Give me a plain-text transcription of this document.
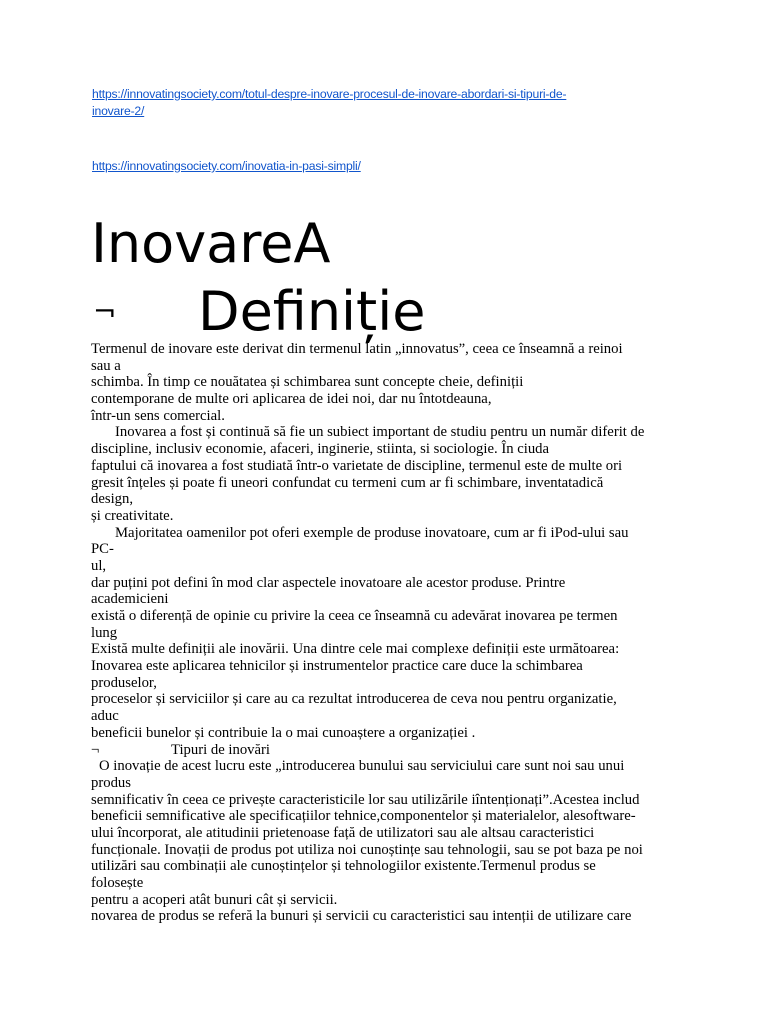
https://innovatingsociety.com/totul-despre-inovare-procesul-de-inovare-abordari-si-tipuri-de-
inovare-2/
https://innovatingsociety.com/inovatia-in-pasi-simpli/
InovareA
¬ Definiție
Termenul de inovare este derivat din termenul latin „innovatus”, ceea ce înseamnă a reinoi
sau a
schimba. În timp ce nouătatea și schimbarea sunt concepte cheie, definiții
contemporane de multe ori aplicarea de idei noi, dar nu întotdeauna,
într-un sens comercial.
Inovarea a fost și continuă să fie un subiect important de studiu pentru un număr diferit de
discipline, inclusiv economie, afaceri, inginerie, stiinta, si sociologie. În ciuda
faptului că inovarea a fost studiată într-o varietate de discipline, termenul este de multe ori
gresit înțeles și poate fi uneori confundat cu termeni cum ar fi schimbare, inventatadică
design,
și creativitate.
Majoritatea oamenilor pot oferi exemple de produse inovatoare, cum ar fi iPod-ului sau
PC-
ul,
dar puțini pot defini în mod clar aspectele inovatoare ale acestor produse. Printre
academicieni
există o diferență de opinie cu privire la ceea ce înseamnă cu adevărat inovarea pe termen
lung
Există multe definiții ale inovării. Una dintre cele mai complexe definiții este următoarea:
Inovarea este aplicarea tehnicilor și instrumentelor practice care duce la schimbarea
produselor,
proceselor și serviciilor și care au ca rezultat introducerea de ceva nou pentru organizatie,
aduc
beneficii bunelor și contribuie la o mai cunoaștere a organizației .
¬	Tipuri de inovări
O inovație de acest lucru este „introducerea bunului sau serviciului care sunt noi sau unui
produs
semnificativ în ceea ce privește caracteristicile lor sau utilizările iîntenționați”.Acestea includ
beneficii semnificative ale specificațiilor tehnice,componentelor și materialelor, alesoftware-
ului încorporat, ale atitudinii prietenoase față de utilizatori sau ale altsau caracteristici
funcționale. Inovații de produs pot utiliza noi cunoștințe sau tehnologii, sau se pot baza pe noi
utilizări sau combinații ale cunoștințelor și tehnologiilor existente.Termenul produs se
folosește
pentru a acoperi atât bunuri cât și servicii.
novarea de produs se referă la bunuri și servicii cu caracteristici sau intenții de utilizare care
